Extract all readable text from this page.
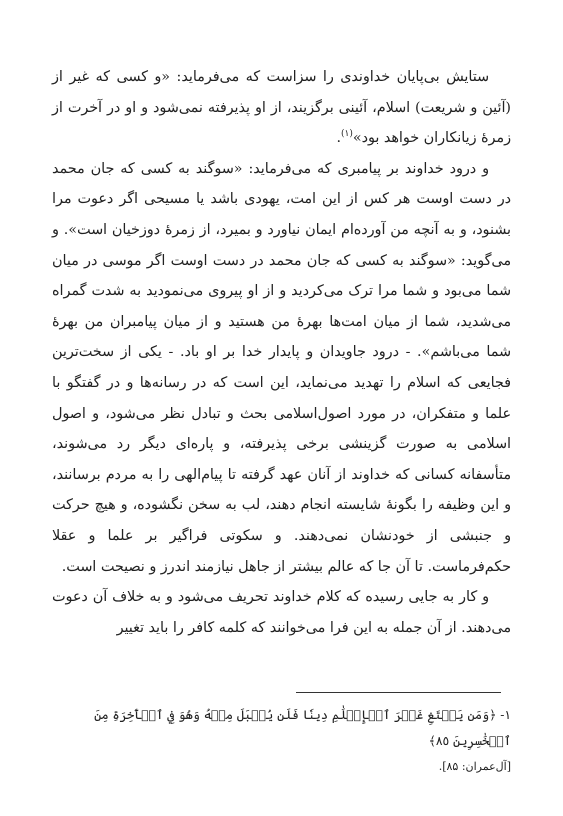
ستایش بی‌پایان خداوندی را سزاست که می‌فرماید: «و کسی که غیر از (آئین و شریعت) اسلام، آئینی برگزیند، از او پذیرفته نمی‌شود و او در آخرت از زمرهٔ زیانکاران خواهد بود»$^{(۱)}$.

و درود خداوند بر پیامبری که می‌فرماید: «سوگند به کسی که جان محمد در دست اوست هر کس از این امت، یهودی باشد یا مسیحی اگر دعوت مرا بشنود، و به آنچه من آورده‌ام ایمان نیاورد و بمیرد، از زمرهٔ دوزخیان است». و می‌گوید: «سوگند به کسی که جان محمد در دست اوست اگر موسی در میان شما می‌بود و شما مرا ترک می‌کردید و از او پیروی می‌نمودید به شدت گمراه می‌شدید، شما از میان امت‌ها بهرهٔ من هستید و از میان پیامبران من بهرهٔ شما می‌باشم». - درود جاویدان و پایدار خدا بر او باد. - یکی از سخت‌ترین فجایعی که اسلام را تهدید می‌نماید، این است که در رسانه‌ها و در گفتگو با علما و متفکران، در مورد اصول‌اسلامی بحث و تبادل نظر می‌شود، و اصول اسلامی به صورت گزینشی برخی پذیرفته، و پاره‌ای دیگر رد می‌شوند، متأسفانه کسانی که خداوند از آنان عهد گرفته تا پیام‌الهی را به مردم برسانند، و این وظیفه را بگونهٔ شایسته انجام دهند، لب به سخن نگشوده، و هیچ حرکت و جنبشی از خودنشان نمی‌دهند. و سکوتی فراگیر بر علما و عقلا حکم‌فرماست. تا آن جا که عالم بیشتر از جاهل نیازمند اندرز و نصیحت است.

و کار به جایی رسیده که کلام خداوند تحریف می‌شود و به خلاف آن دعوت می‌دهند. از آن جمله به این فرا می‌خوانند که کلمه کافر را باید تغییر

۱- ﴿وَمَن يَبۡتَغِ غَيۡرَ ٱلۡإِسۡلَٰمِ دِينٗا فَلَن يُقۡبَلَ مِنۡهُ وَهُوَ فِي ٱلۡأٓخِرَةِ مِنَ ٱلۡخَٰسِرِينَ ٨٥﴾
[آل‌عمران: ۸۵].
